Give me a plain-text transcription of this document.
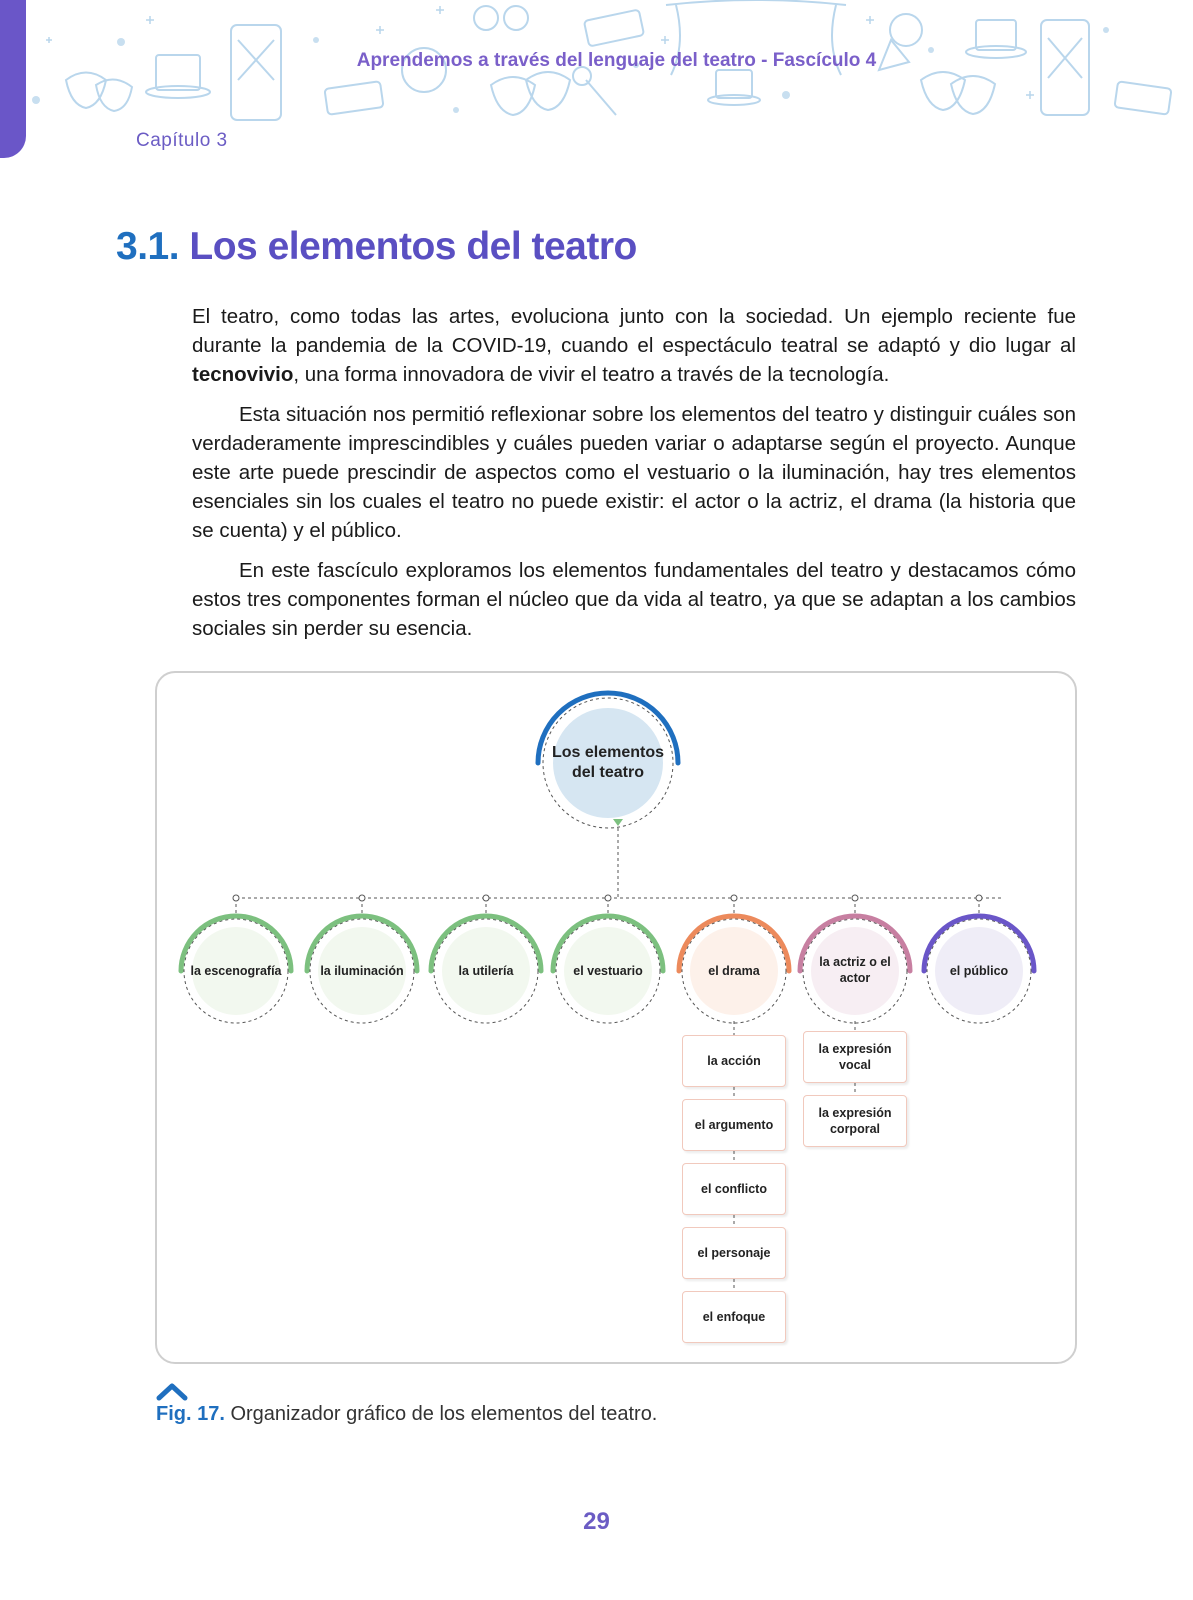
Aprendemos a través del lenguaje del teatro - Fascículo 4
Capítulo 3
3.1. Los elementos del teatro

El teatro, como todas las artes, evoluciona junto con la sociedad. Un ejemplo reciente fue durante la pandemia de la COVID-19, cuando el espectáculo teatral se adaptó y dio lugar al tecnovivio, una forma innovadora de vivir el teatro a través de la tecnología.

Esta situación nos permitió reflexionar sobre los elementos del teatro y distinguir cuáles son verdaderamente imprescindibles y cuáles pueden variar o adaptarse según el proyecto. Aunque este arte puede prescindir de aspectos como el vestuario o la iluminación, hay tres elementos esenciales sin los cuales el teatro no puede existir: el actor o la actriz, el drama (la historia que se cuenta) y el público.

En este fascículo exploramos los elementos fundamentales del teatro y destacamos cómo estos tres componentes forman el núcleo que da vida al teatro, ya que se adaptan a los cambios sociales sin perder su esencia.

Los elementos del teatro
la escenografía	la iluminación	la utilería	el vestuario	el drama
la actriz o el actor	el público
la acción
el argumento
el conflicto
el personaje
el enfoque
la expresión vocal
la expresión corporal
Fig. 17. Organizador gráfico de los elementos del teatro.
29
